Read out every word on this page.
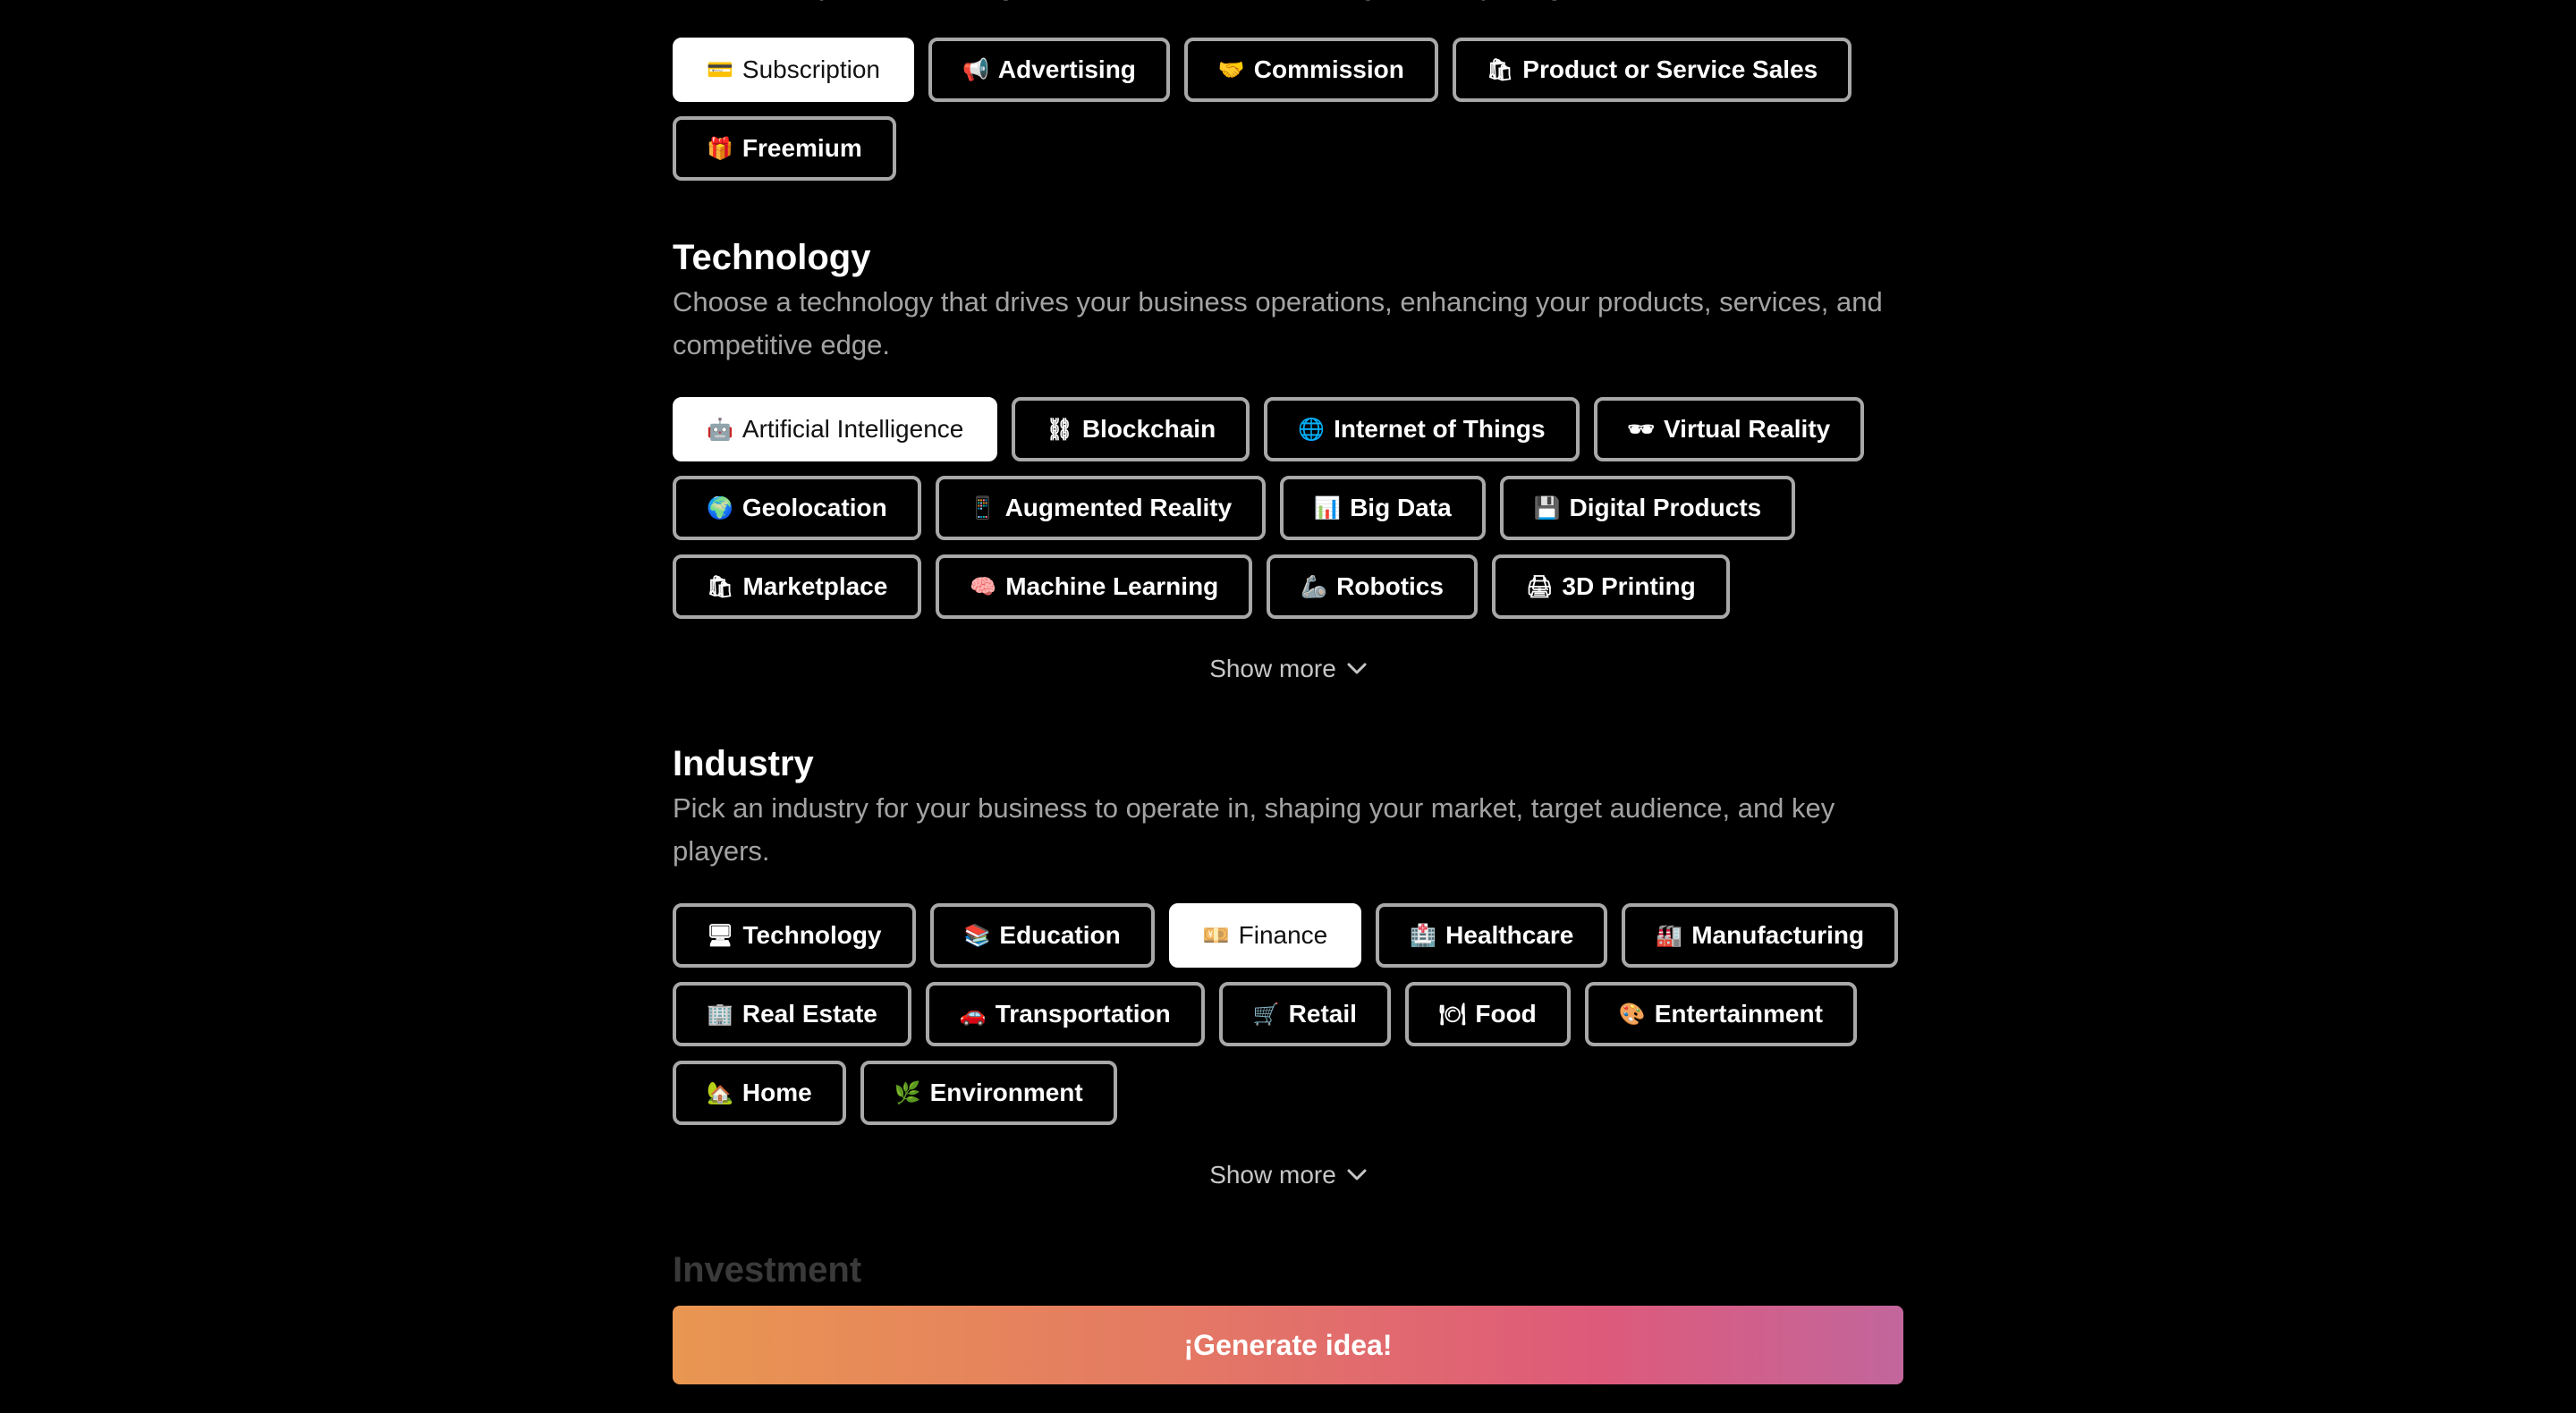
💳 Subscription	📢 Advertising	🤝 Commission	🛍 Product or Service Sales
🎁 Freemium
Technology

Choose a technology that drives your business operations, enhancing your products, services, and competitive edge.

🤖 Artificial Intelligence	⛓ Blockchain	🌐 Internet of Things	🕶 Virtual Reality
🌍 Geolocation	📱 Augmented Reality	📊 Big Data	💾 Digital Products
🛍 Marketplace	🧠 Machine Learning	🦾 Robotics	🖨 3D Printing
Show more
Industry

Pick an industry for your business to operate in, shaping your market, target audience, and key players.

🖥 Technology	📚 Education	💴 Finance	🏥 Healthcare	🏭 Manufacturing
🏢 Real Estate	🚗 Transportation	🛒 Retail	🍽 Food	🎨 Entertainment
🏡 Home	🌿 Environment
Show more
Investment
¡Generate idea!
